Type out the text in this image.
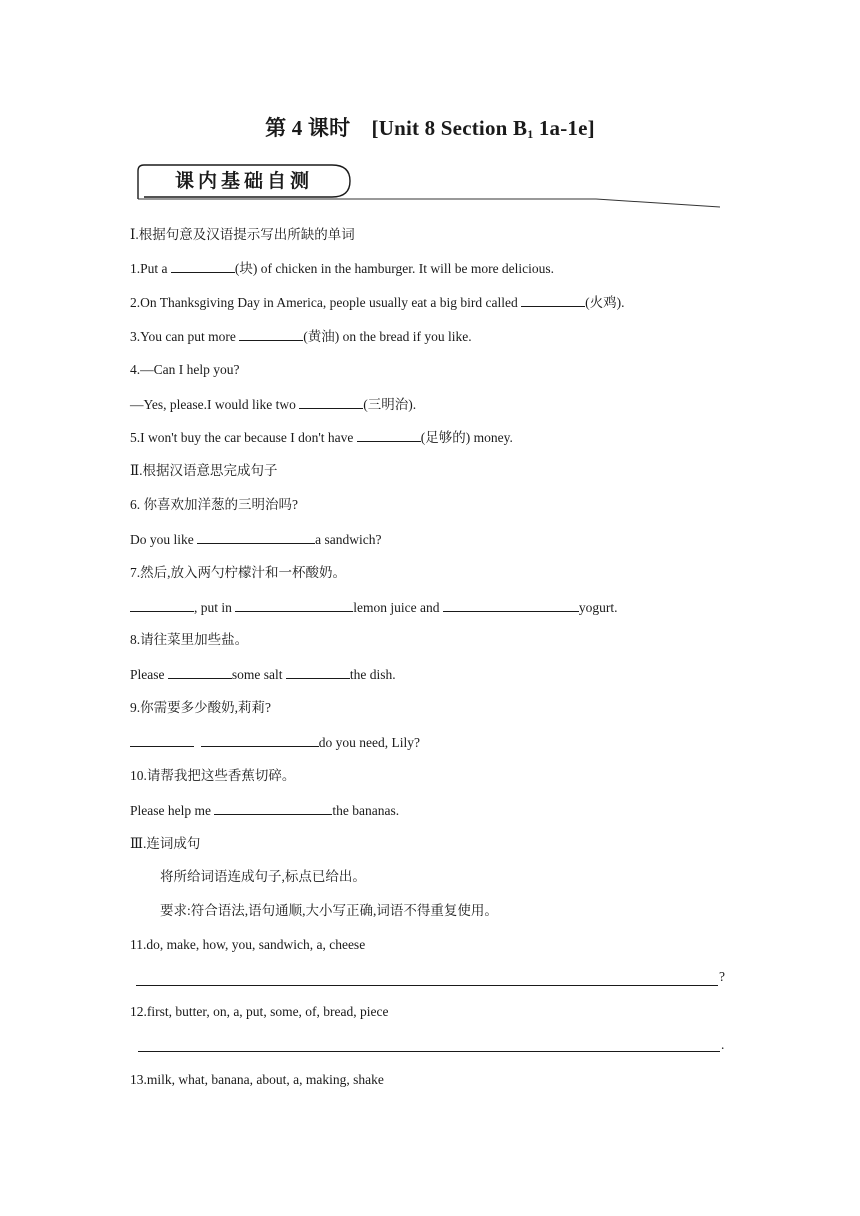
第 4 课时　[Unit 8 Section $B_1$ 1a-1e]
课内基础自测
Ⅰ.根据句意及汉语提示写出所缺的单词
1.Put a	(块) of chicken in the hamburger. It will be more delicious.
2.On Thanksgiving Day in America, people usually eat a big bird called	(火鸡).
3.You can put more	(黄油) on the bread if you like.
4.—Can I help you?
—Yes, please.I would like two	(三明治).
5.I won't buy the car because I don't have	(足够的) money.
Ⅱ.根据汉语意思完成句子
6. 你喜欢加洋葱的三明治吗?
Do you like	a sandwich?
7.然后,放入两勺柠檬汁和一杯酸奶。
, put in	lemon juice and	yogurt.
8.请往菜里加些盐。
Please	some salt	the dish.
9.你需要多少酸奶,莉莉?
do you need, Lily?
10.请帮我把这些香蕉切碎。
Please help me	the bananas.
Ⅲ.连词成句
将所给词语连成句子,标点已给出。
要求:符合语法,语句通顺,大小写正确,词语不得重复使用。
11.do, make, how, you, sandwich, a, cheese
?
12.first, butter, on, a, put, some, of, bread, piece
.
13.milk, what, banana, about, a, making, shake
